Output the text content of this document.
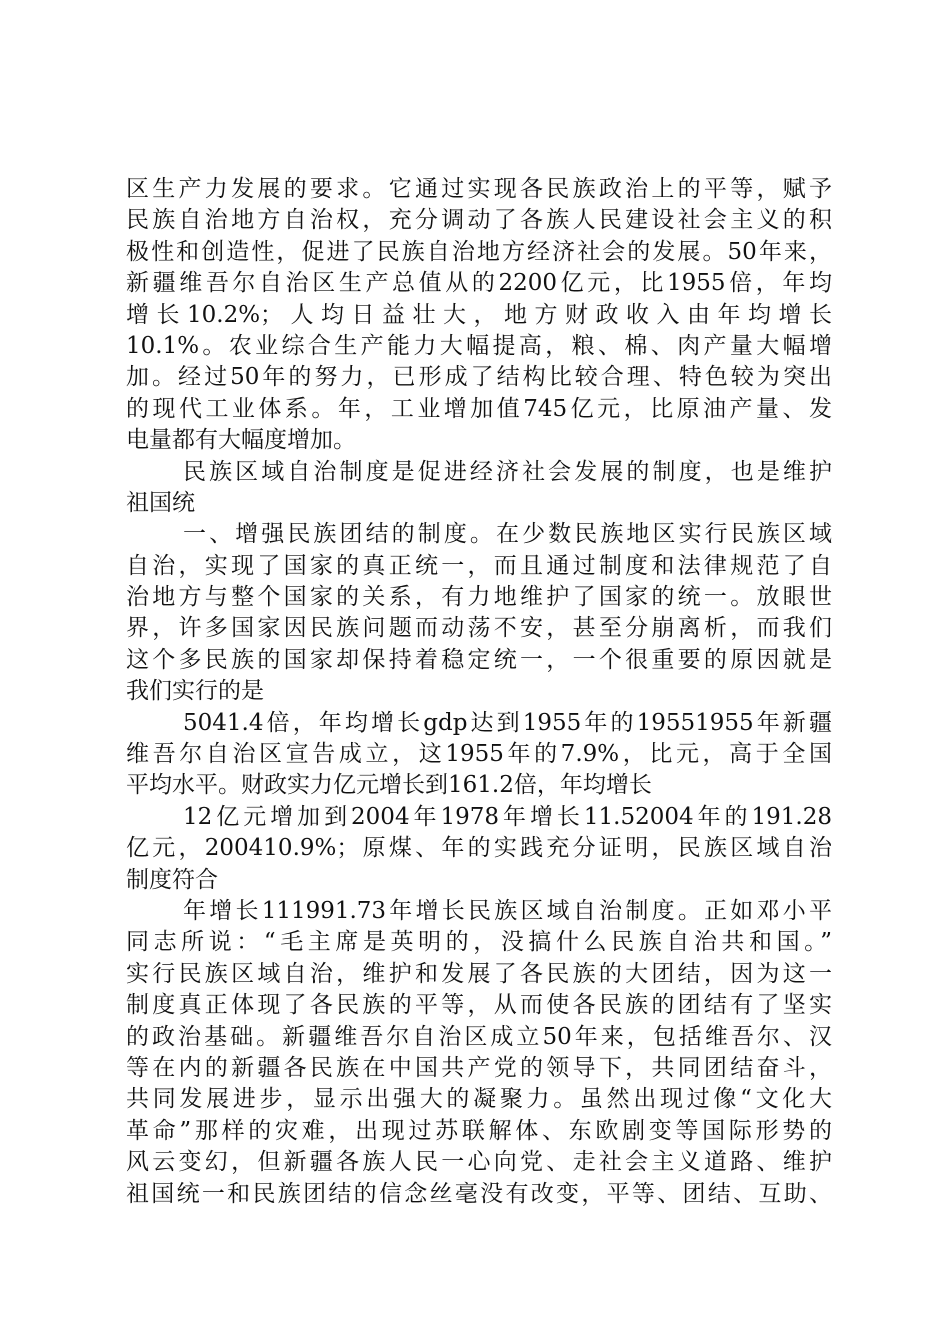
区生产力发展的要求。它通过实现各民族政治上的平等，赋予
民族自治地方自治权，充分调动了各族人民建设社会主义的积
极性和创造性，促进了民族自治地方经济社会的发展。50年来，
新疆维吾尔自治区生产总值从的2200亿元，比1955倍，年均
增长10.2%；人均日益壮大，地方财政收入由年均增长
10.1%。农业综合生产能力大幅提高，粮、棉、肉产量大幅增
加。经过50年的努力，已形成了结构比较合理、特色较为突出
的现代工业体系。年，工业增加值745亿元，比原油产量、发
电量都有大幅度增加。
民族区域自治制度是促进经济社会发展的制度，也是维护
祖国统
一、增强民族团结的制度。在少数民族地区实行民族区域
自治，实现了国家的真正统一，而且通过制度和法律规范了自
治地方与整个国家的关系，有力地维护了国家的统一。放眼世
界，许多国家因民族问题而动荡不安，甚至分崩离析，而我们
这个多民族的国家却保持着稳定统一，一个很重要的原因就是
我们实行的是
5041.4倍，年均增长gdp达到1955年的19551955年新疆
维吾尔自治区宣告成立，这1955年的7.9%，比元，高于全国
平均水平。财政实力亿元增长到161.2倍，年均增长
12亿元增加到2004年1978年增长11.52004年的191.28
亿元，200410.9%；原煤、年的实践充分证明，民族区域自治
制度符合
年增长111991.73年增长民族区域自治制度。正如邓小平
同志所说：“毛主席是英明的，没搞什么民族自治共和国。”
实行民族区域自治，维护和发展了各民族的大团结，因为这一
制度真正体现了各民族的平等，从而使各民族的团结有了坚实
的政治基础。新疆维吾尔自治区成立50年来，包括维吾尔、汉
等在内的新疆各民族在中国共产党的领导下，共同团结奋斗，
共同发展进步，显示出强大的凝聚力。虽然出现过像“文化大
革命”那样的灾难，出现过苏联解体、东欧剧变等国际形势的
风云变幻，但新疆各族人民一心向党、走社会主义道路、维护
祖国统一和民族团结的信念丝毫没有改变，平等、团结、互助、
